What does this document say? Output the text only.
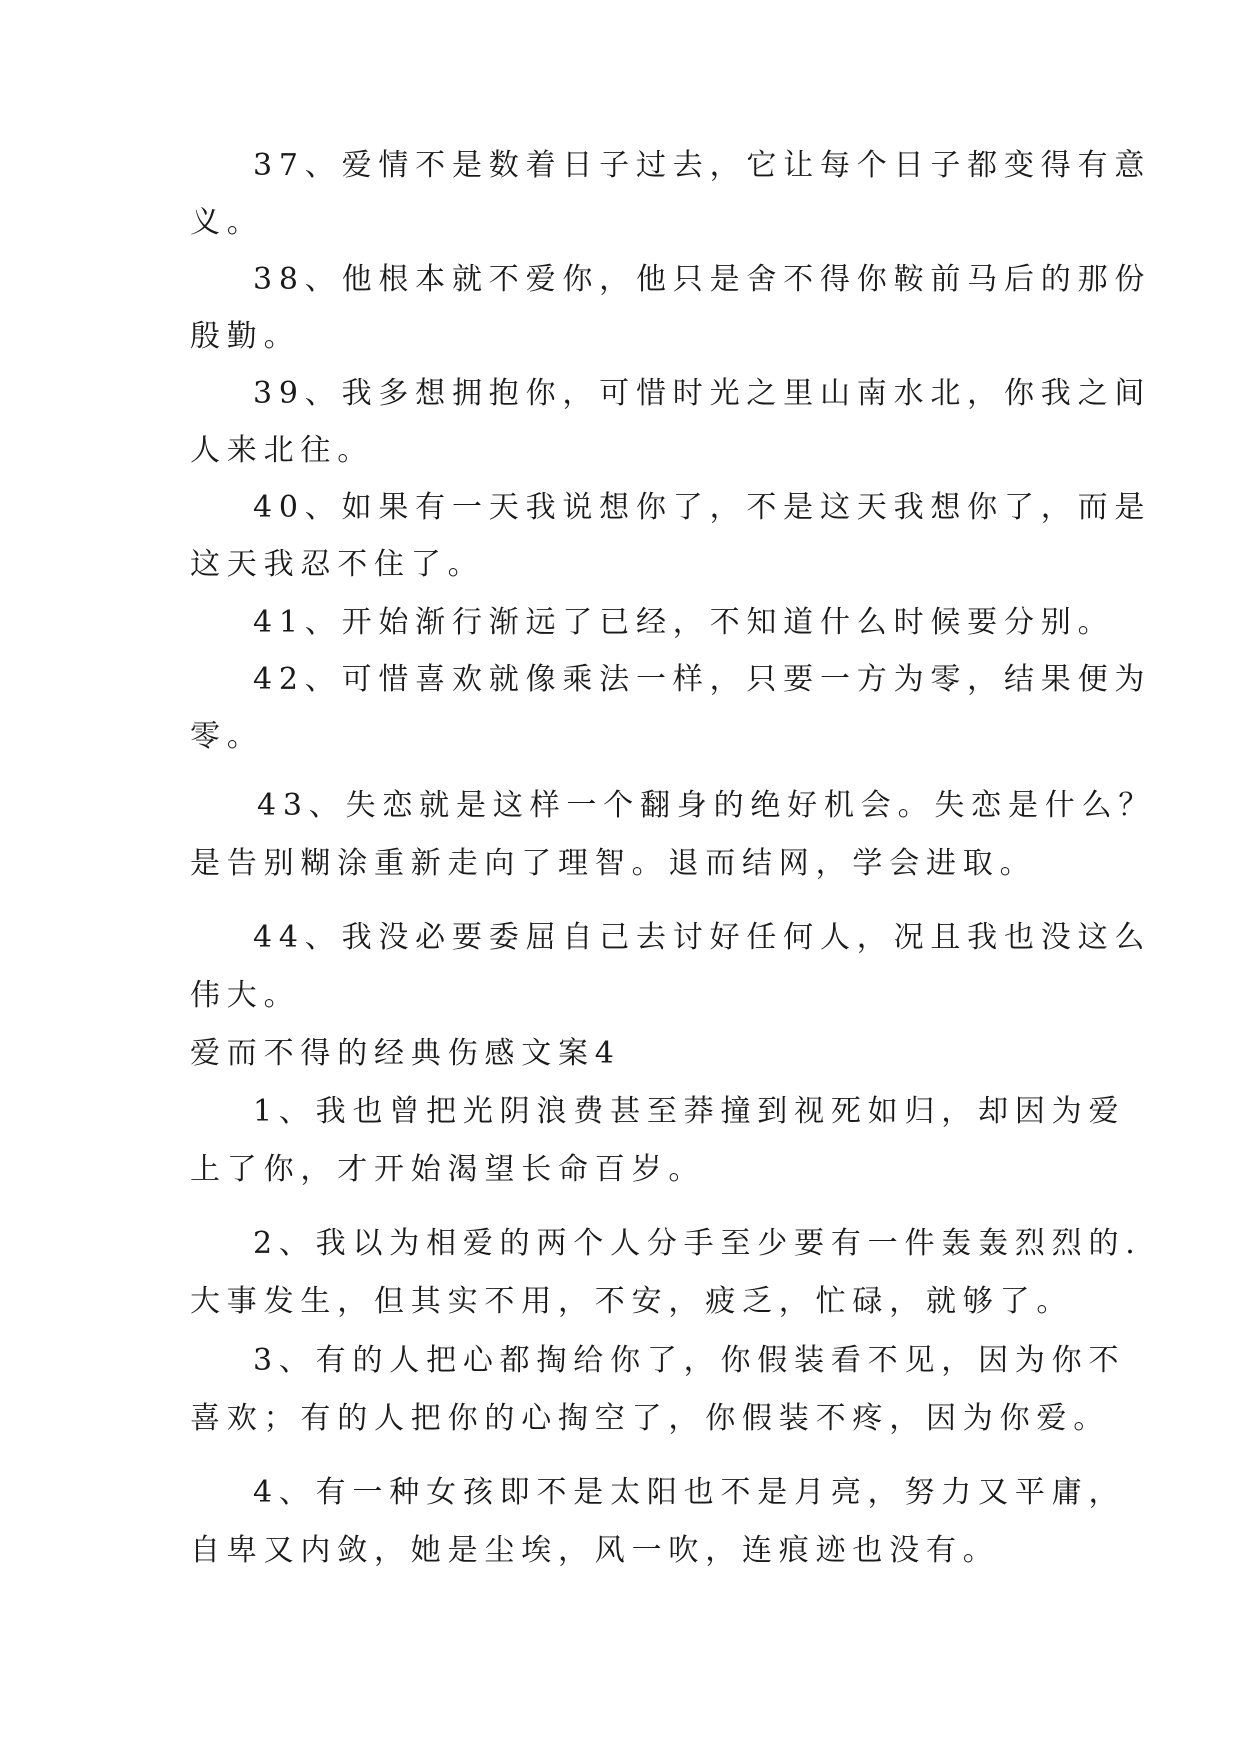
37、爱情不是数着日子过去，它让每个日子都变得有意
义。
38、他根本就不爱你，他只是舍不得你鞍前马后的那份
殷勤。
39、我多想拥抱你，可惜时光之里山南水北，你我之间
人来北往。
40、如果有一天我说想你了，不是这天我想你了，而是
这天我忍不住了。
41、开始渐行渐远了已经，不知道什么时候要分别。
42、可惜喜欢就像乘法一样，只要一方为零，结果便为
零。
43、失恋就是这样一个翻身的绝好机会。失恋是什么？
是告别糊涂重新走向了理智。退而结网，学会进取。
44、我没必要委屈自己去讨好任何人，况且我也没这么
伟大。
爱而不得的经典伤感文案4
1、我也曾把光阴浪费甚至莽撞到视死如归，却因为爱
上了你，才开始渴望长命百岁。
2、我以为相爱的两个人分手至少要有一件轰轰烈烈的.
大事发生，但其实不用，不安，疲乏，忙碌，就够了。
3、有的人把心都掏给你了，你假装看不见，因为你不
喜欢；有的人把你的心掏空了，你假装不疼，因为你爱。
4、有一种女孩即不是太阳也不是月亮，努力又平庸，
自卑又内敛，她是尘埃，风一吹，连痕迹也没有。
